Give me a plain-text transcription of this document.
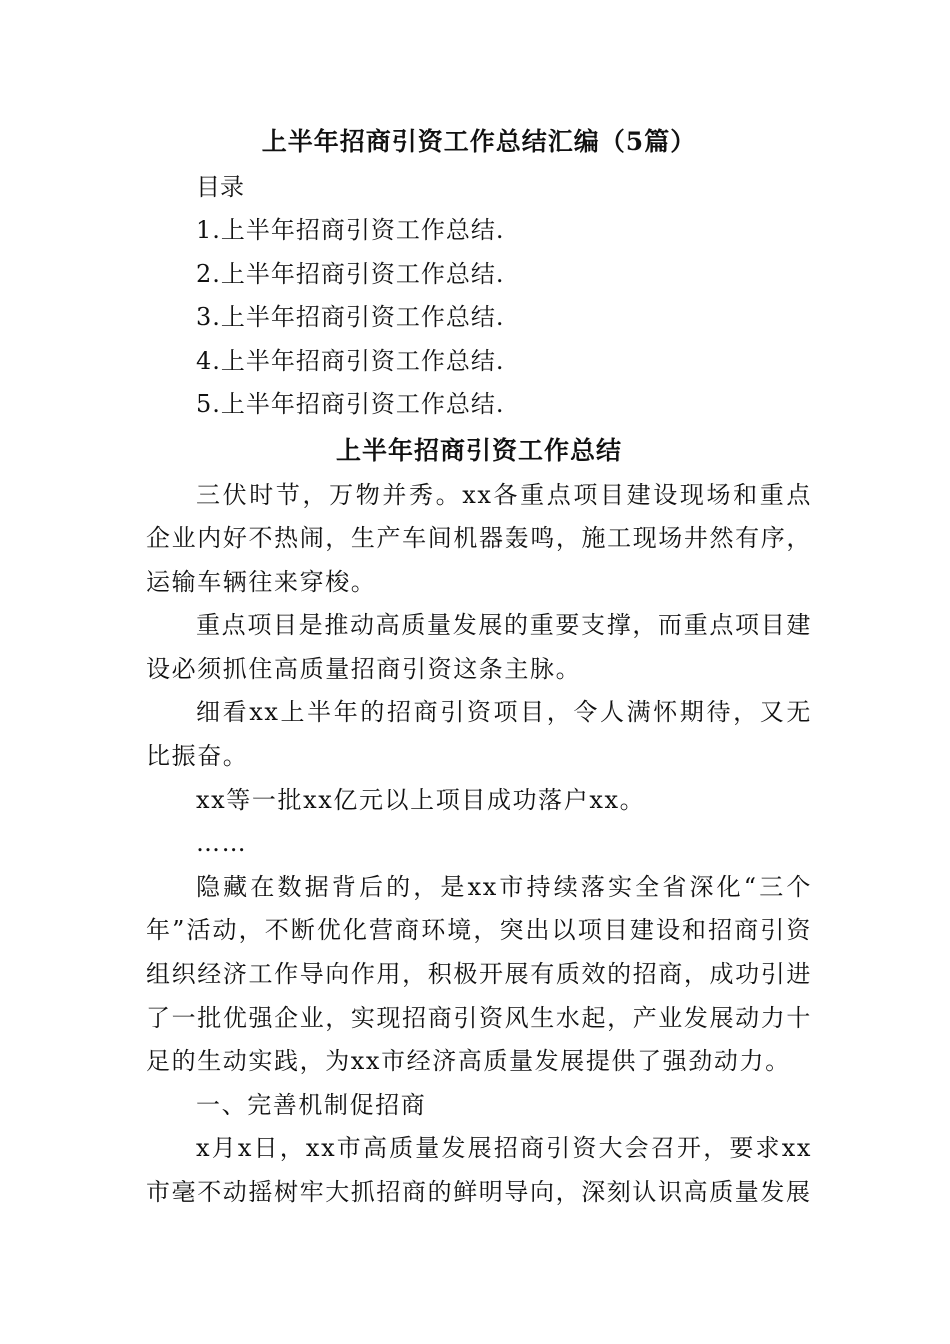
上半年招商引资工作总结汇编（5篇）

目录

1.上半年招商引资工作总结.
2.上半年招商引资工作总结.
3.上半年招商引资工作总结.
4.上半年招商引资工作总结.
5.上半年招商引资工作总结.
上半年招商引资工作总结

三伏时节，万物并秀。xx各重点项目建设现场和重点企业内好不热闹，生产车间机器轰鸣，施工现场井然有序，运输车辆往来穿梭。

重点项目是推动高质量发展的重要支撑，而重点项目建设必须抓住高质量招商引资这条主脉。

细看xx上半年的招商引资项目，令人满怀期待，又无比振奋。

xx等一批xx亿元以上项目成功落户xx。

……

隐藏在数据背后的，是xx市持续落实全省深化“三个年”活动，不断优化营商环境，突出以项目建设和招商引资组织经济工作导向作用，积极开展有质效的招商，成功引进了一批优强企业，实现招商引资风生水起，产业发展动力十足的生动实践，为xx市经济高质量发展提供了强劲动力。

一、完善机制促招商

x月x日，xx市高质量发展招商引资大会召开，要求xx市毫不动摇树牢大抓招商的鲜明导向，深刻认识高质量发展
